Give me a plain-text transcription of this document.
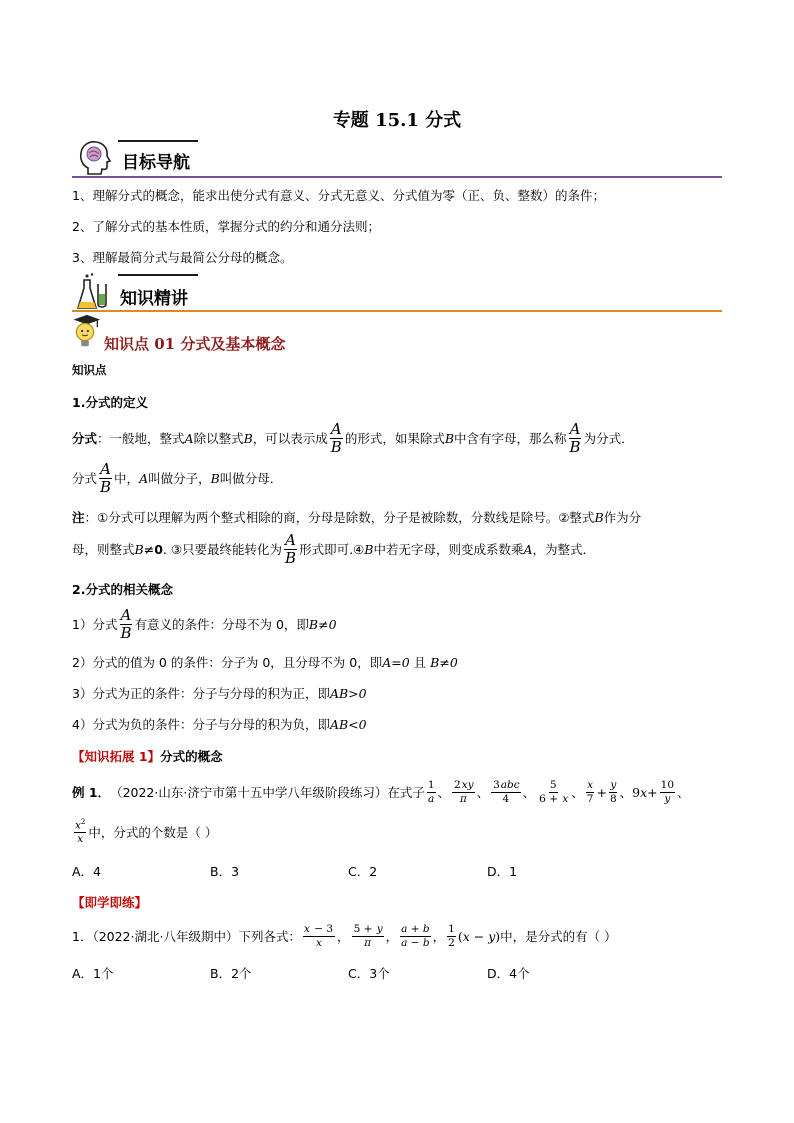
专题 15.1 分式
目标导航
1、理解分式的概念，能求出使分式有意义、分式无意义、分式值为零（正、负、整数）的条件；
2、了解分式的基本性质，掌握分式的约分和通分法则；
3、理解最简分式与最简公分母的概念。
知识精讲
知识点 01 分式及基本概念
知识点
1.分式的定义
分式 ：一般地，整式 A 除以整式 B ，可以表示成 $\frac{A}{B}$ 的形式，如果除式 B 中含有字母，那么称 $\frac{A}{B}$ 为分式．
分式 $\frac{A}{B}$ 中， A 叫做分子， B 叫做分母．
注：①分式可以理解为两个整式相除的商，分母是除数，分子是被除数，分数线是除号。②整式B作为分
母，则整式 B ≠ 0 . ③只要最终能转化为 $\frac{A}{B}$ 形式即可.④ B 中若无字母，则变成系数乘 A ，为整式.
2.分式的相关概念
1）分式 $\frac{A}{B}$ 有意义的条件：分母不为 0，即 B≠0
2）分式的值为 0 的条件：分子为 0，且分母不为 0，即A=0 且 B≠0
3）分式为正的条件：分子与分母的积为正，即AB>0
4）分式为负的条件：分子与分母的积为负，即AB<0
【知识拓展 1】分式的概念
例 1． （2022·山东·济宁市第十五中学八年级阶段练习）在式子 $\frac{1}{a}$ 、 $\frac{2xy}{\pi}$ 、 $\frac{\text{3abc}}{4}$ 、 $\frac{5}{6 + x}$ 、 $\frac{x}{7} + \frac{y}{8}$ 、 $9x+ \frac{10}{y}$ 、
$\frac{x^2}{x}$ 中，分式的个数是（ ）
A．4	B．3	C．2	D．1
【即学即练】
1．（2022·湖北·八年级期中）下列各式： $\frac{x - 3}{x}$ ， $\frac{5 + y}{\pi}$ ， $\frac{a + b}{a - b}$ ， $\frac{1}{2} (x - y)$ 中，是分式的有（ ）
A．1个	B．2个	C．3个	D．4个
